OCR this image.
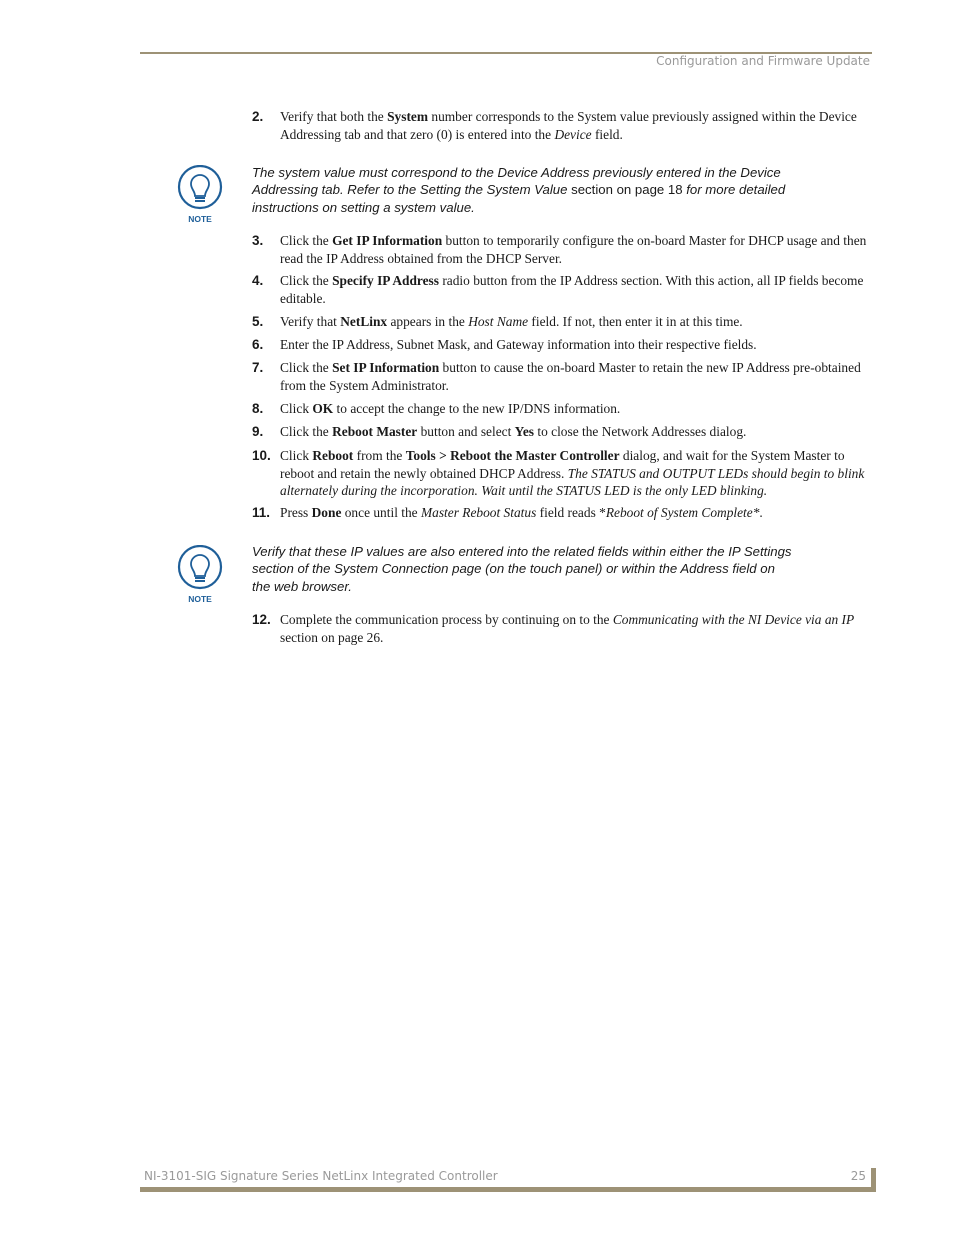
Configuration and Firmware Update
2. Verify that both the System number corresponds to the System value previously assigned within the Device Addressing tab and that zero (0) is entered into the Device field.
NOTE
The system value must correspond to the Device Address previously entered in the Device Addressing tab. Refer to the Setting the System Value section on page 18 for more detailed instructions on setting a system value.
3. Click the Get IP Information button to temporarily configure the on-board Master for DHCP usage and then read the IP Address obtained from the DHCP Server.
4. Click the Specify IP Address radio button from the IP Address section. With this action, all IP fields become editable.
5. Verify that NetLinx appears in the Host Name field. If not, then enter it in at this time.
6. Enter the IP Address, Subnet Mask, and Gateway information into their respective fields.
7. Click the Set IP Information button to cause the on-board Master to retain the new IP Address pre-obtained from the System Administrator.
8. Click OK to accept the change to the new IP/DNS information.
9. Click the Reboot Master button and select Yes to close the Network Addresses dialog.
10. Click Reboot from the Tools > Reboot the Master Controller dialog, and wait for the System Master to reboot and retain the newly obtained DHCP Address. The STATUS and OUTPUT LEDs should begin to blink alternately during the incorporation. Wait until the STATUS LED is the only LED blinking.
11. Press Done once until the Master Reboot Status field reads *Reboot of System Complete*.
NOTE
Verify that these IP values are also entered into the related fields within either the IP Settings section of the System Connection page (on the touch panel) or within the Address field on the web browser.
12. Complete the communication process by continuing on to the Communicating with the NI Device via an IP section on page 26.
NI-3101-SIG Signature Series NetLinx Integrated Controller	25
